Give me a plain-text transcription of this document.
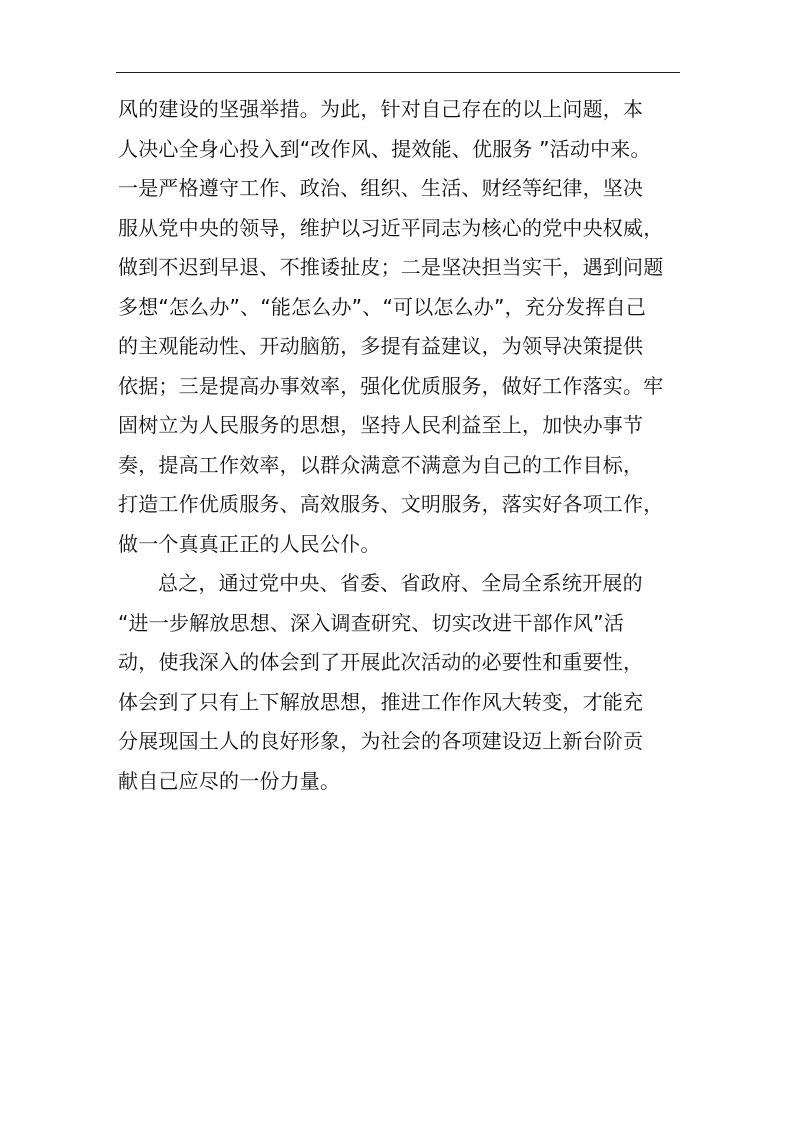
风的建设的坚强举措。为此，针对自己存在的以上问题，本
人决心全身心投入到“改作风、提效能、优服务 ”活动中来。
一是严格遵守工作、政治、组织、生活、财经等纪律，坚决
服从党中央的领导，维护以习近平同志为核心的党中央权威，
做到不迟到早退、不推诿扯皮；二是坚决担当实干，遇到问题
多想“怎么办”、“能怎么办”、“可以怎么办”，充分发挥自己
的主观能动性、开动脑筋，多提有益建议，为领导决策提供
依据；三是提高办事效率，强化优质服务，做好工作落实。牢
固树立为人民服务的思想，坚持人民利益至上，加快办事节
奏，提高工作效率，以群众满意不满意为自己的工作目标，
打造工作优质服务、高效服务、文明服务，落实好各项工作，
做一个真真正正的人民公仆。
总之，通过党中央、省委、省政府、全局全系统开展的
“进一步解放思想、深入调查研究、切实改进干部作风”活
动，使我深入的体会到了开展此次活动的必要性和重要性，
体会到了只有上下解放思想，推进工作作风大转变，才能充
分展现国土人的良好形象，为社会的各项建设迈上新台阶贡
献自己应尽的一份力量。
